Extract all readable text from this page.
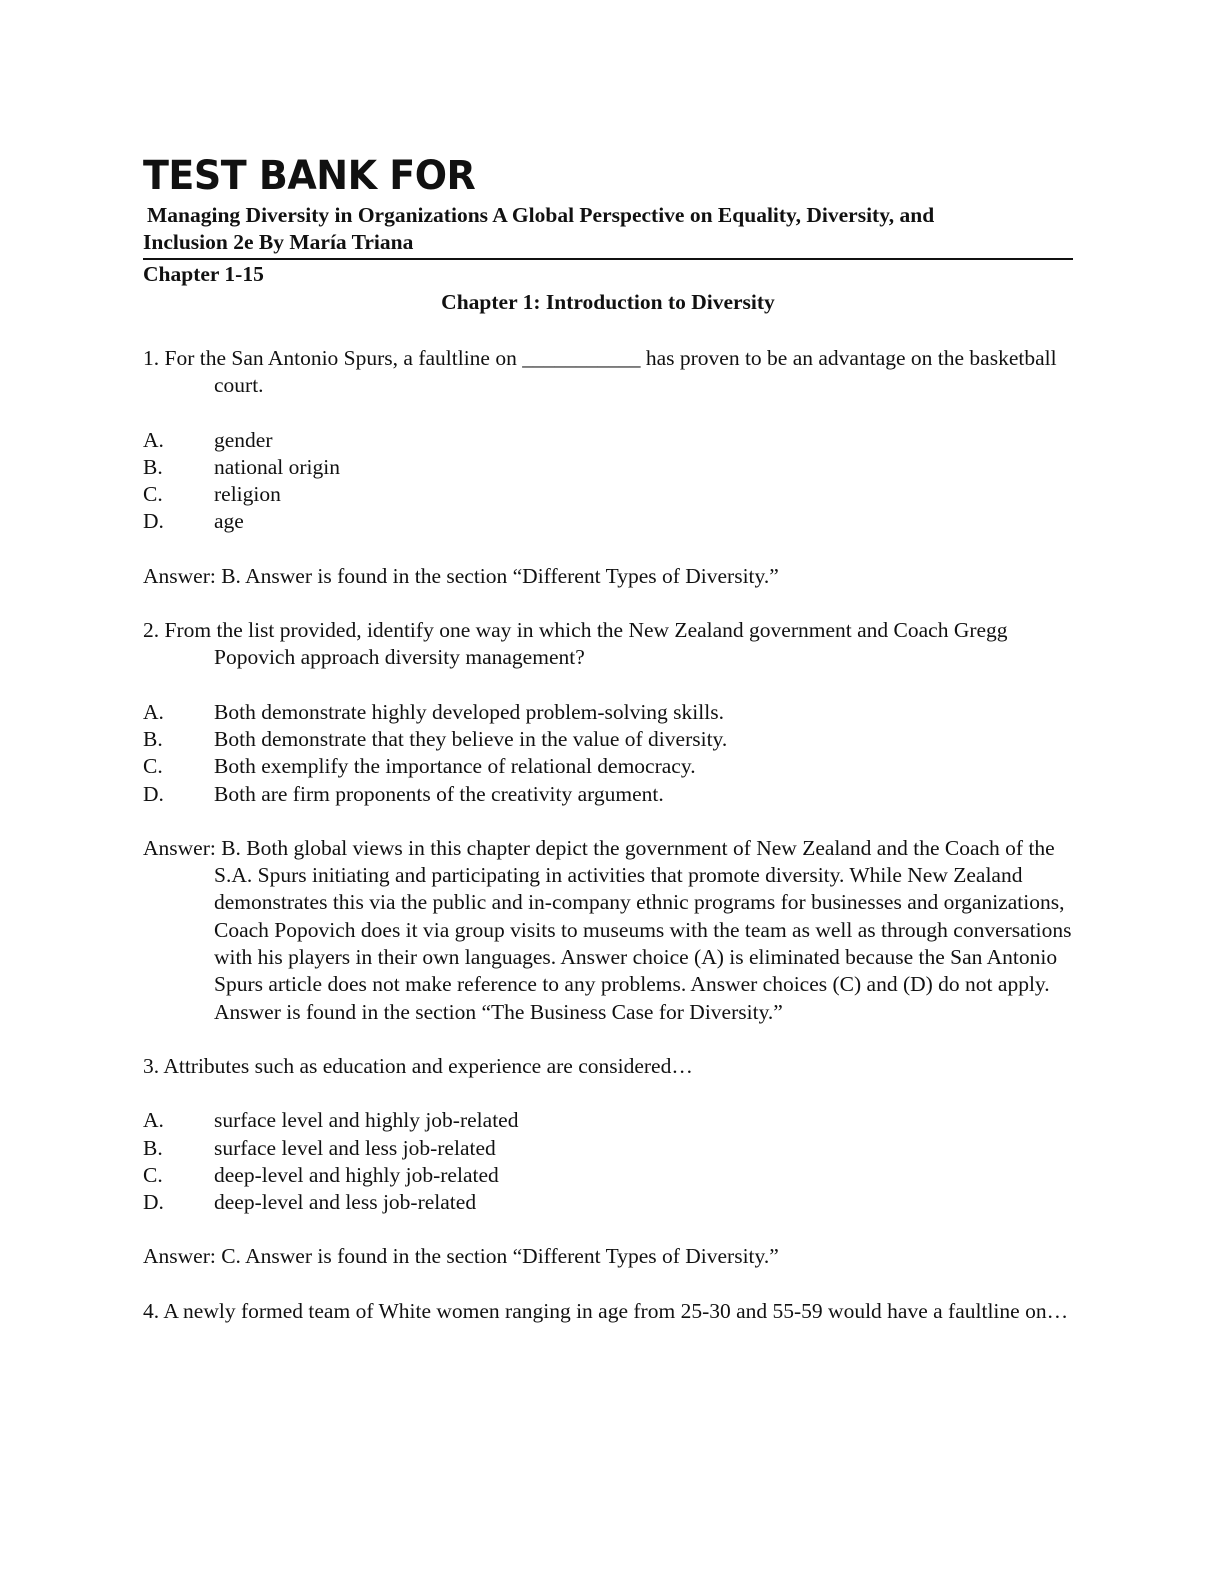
TEST BANK FOR
Managing Diversity in Organizations A Global Perspective on Equality, Diversity, and
Inclusion 2e By María Triana
Chapter 1-15
Chapter 1: Introduction to Diversity
1. For the San Antonio Spurs, a faultline on ___________ has proven to be an advantage on the basketball court.
A.	gender
B.	national origin
C.	religion
D.	age
Answer: B. Answer is found in the section “Different Types of Diversity.”
2. From the list provided, identify one way in which the New Zealand government and Coach Gregg Popovich approach diversity management?
A.	Both demonstrate highly developed problem-solving skills.
B.	Both demonstrate that they believe in the value of diversity.
C.	Both exemplify the importance of relational democracy.
D.	Both are firm proponents of the creativity argument.
Answer: B. Both global views in this chapter depict the government of New Zealand and the Coach of the S.A. Spurs initiating and participating in activities that promote diversity. While New Zealand demonstrates this via the public and in-company ethnic programs for businesses and organizations, Coach Popovich does it via group visits to museums with the team as well as through conversations with his players in their own languages. Answer choice (A) is eliminated because the San Antonio Spurs article does not make reference to any problems. Answer choices (C) and (D) do not apply. Answer is found in the section “The Business Case for Diversity.”
3. Attributes such as education and experience are considered…
A.	surface level and highly job-related
B.	surface level and less job-related
C.	deep-level and highly job-related
D.	deep-level and less job-related
Answer: C. Answer is found in the section “Different Types of Diversity.”
4. A newly formed team of White women ranging in age from 25-30 and 55-59 would have a faultline on…
